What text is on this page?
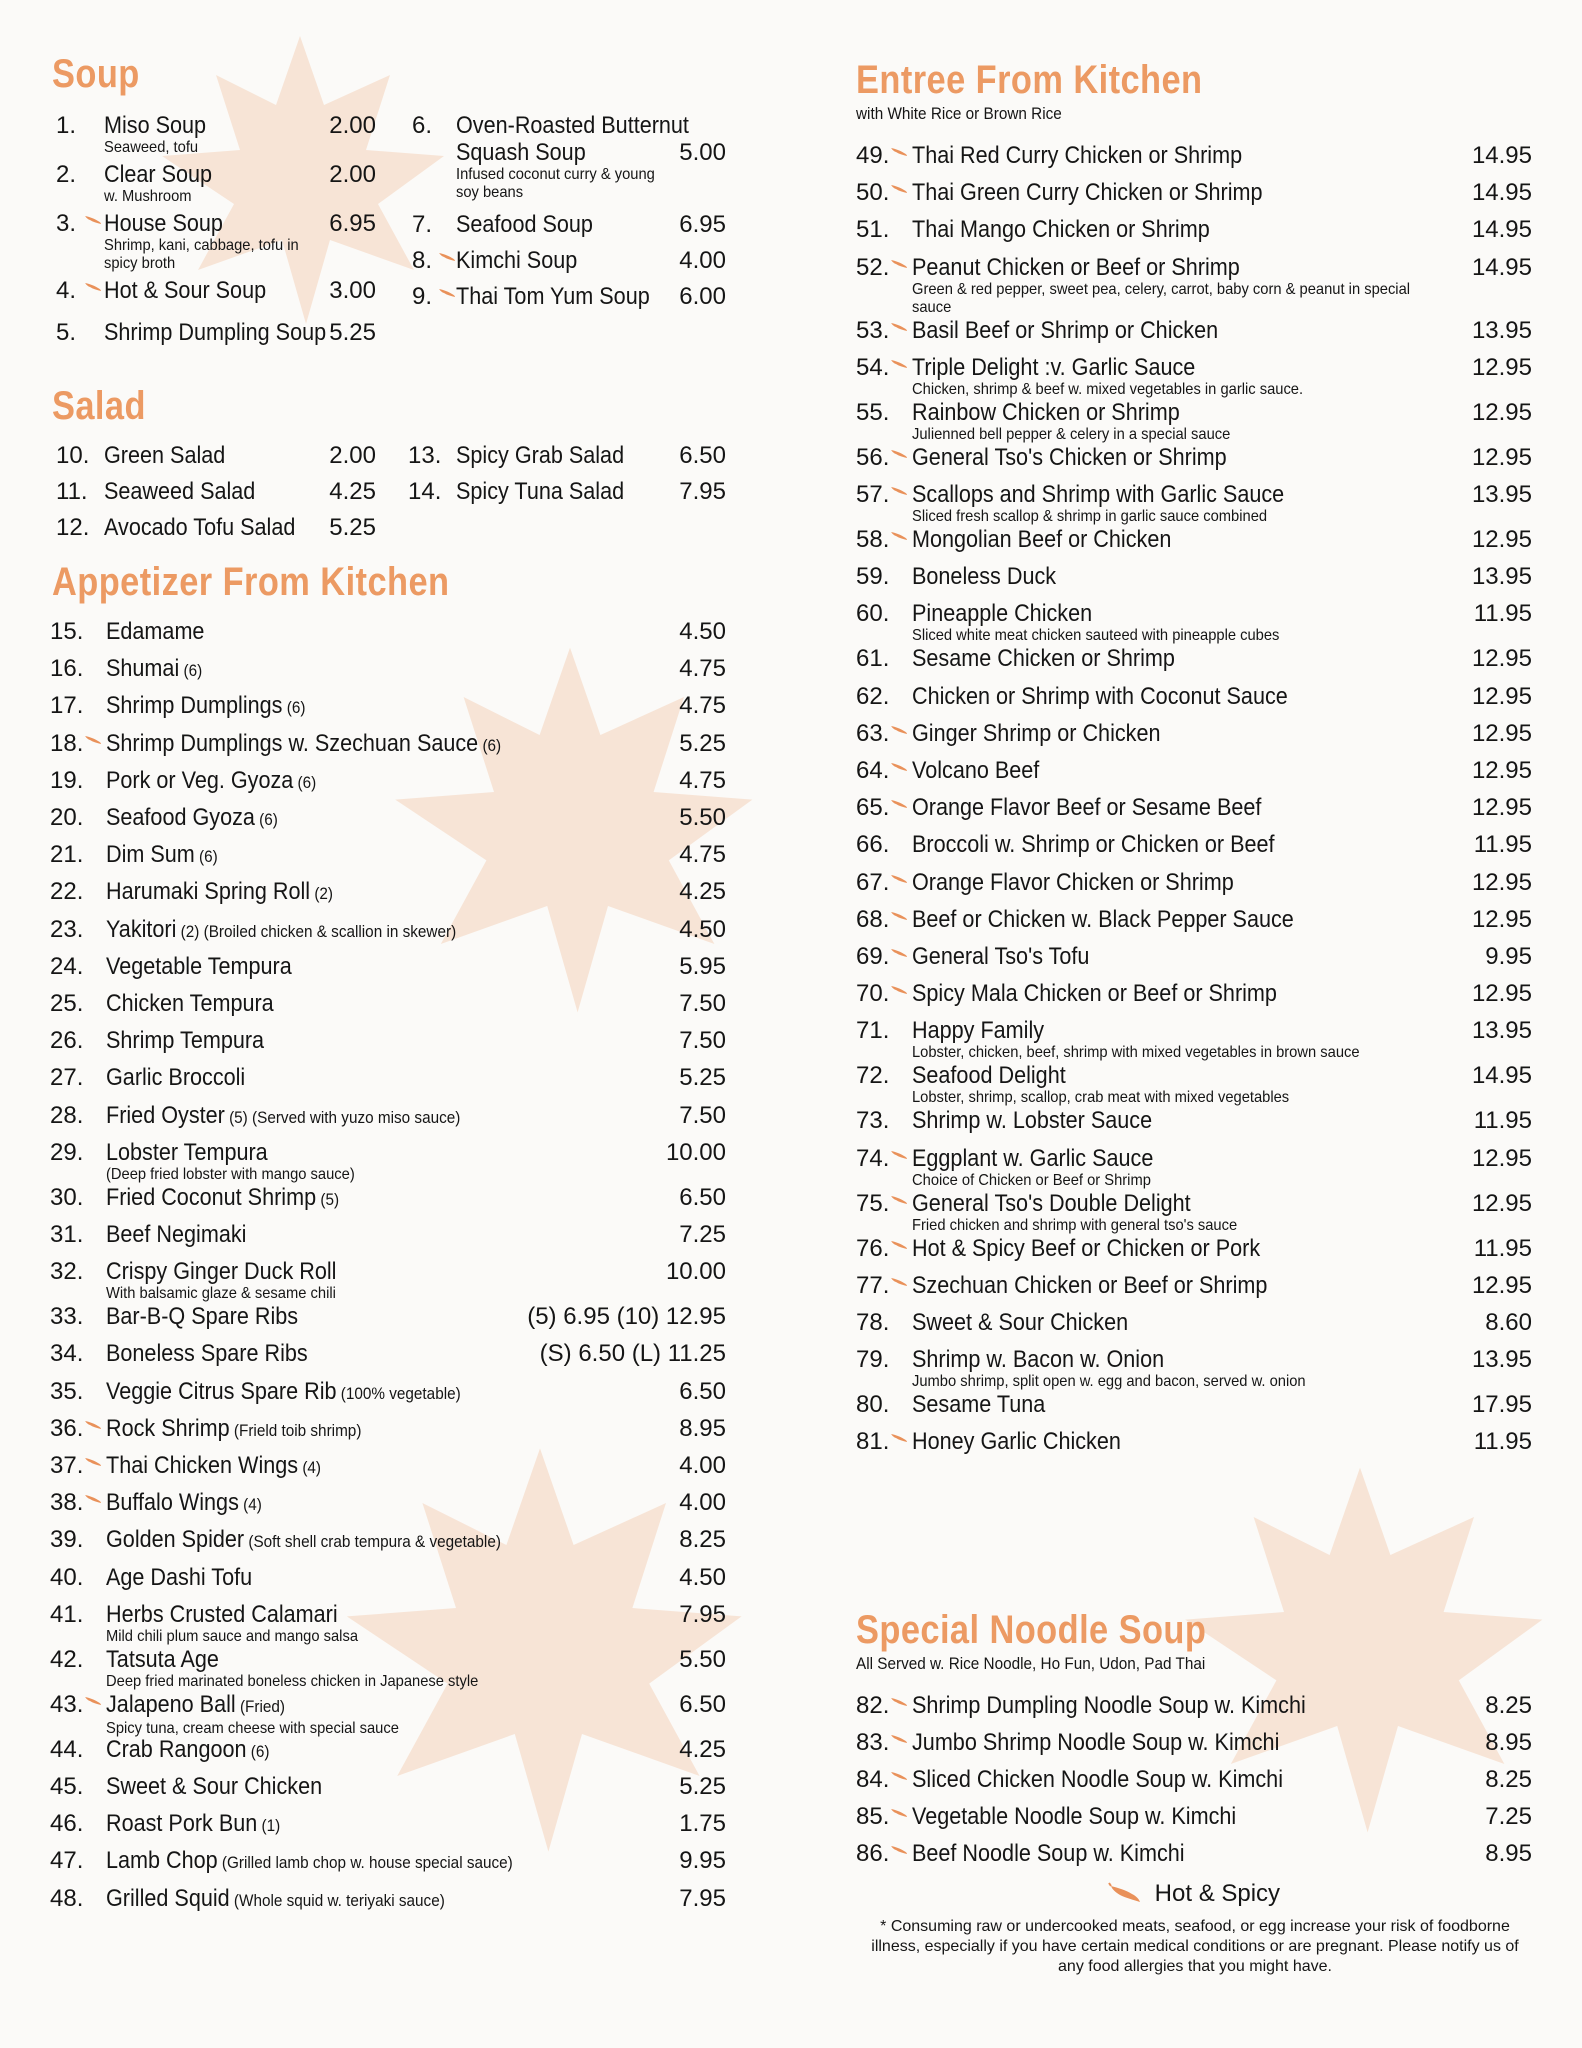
Soup
1. Miso Soup
Seaweed, tofu
2.00
2. Clear Soup
w. Mushroom
2.00
3. House Soup
Shrimp, kani, cabbage, tofu in spicy broth
6.95
4. Hot & Sour Soup	3.00
5. Shrimp Dumpling Soup 5.25
6. Oven-Roasted Butternut
Squash Soup
Infused coconut curry & young soy beans
5.00
7. Seafood Soup	6.95
8. Kimchi Soup	4.00
9. Thai Tom Yum Soup	6.00
Salad
10. Green Salad	2.00
11. Seaweed Salad	4.25
12. Avocado Tofu Salad	5.25
13. Spicy Grab Salad	6.50
14. Spicy Tuna Salad	7.95
Appetizer From Kitchen
15. Edamame	4.50
16. Shumai (6)	4.75
17. Shrimp Dumplings (6)	4.75
18. Shrimp Dumplings w. Szechuan Sauce (6)	5.25
19. Pork or Veg. Gyoza (6)	4.75
20. Seafood Gyoza (6)	5.50
21. Dim Sum (6)	4.75
22. Harumaki Spring Roll (2)	4.25
23. Yakitori (2) (Broiled chicken & scallion in skewer)	4.50
24. Vegetable Tempura	5.95
25. Chicken Tempura	7.50
26. Shrimp Tempura	7.50
27. Garlic Broccoli	5.25
28. Fried Oyster (5) (Served with yuzo miso sauce)	7.50
29. Lobster Tempura
(Deep fried lobster with mango sauce)
10.00
30. Fried Coconut Shrimp (5)	6.50
31. Beef Negimaki	7.25
32. Crispy Ginger Duck Roll
With balsamic glaze & sesame chili
10.00
33. Bar-B-Q Spare Ribs	(5) 6.95 (10) 12.95
34. Boneless Spare Ribs	(S) 6.50 (L) 11.25
35. Veggie Citrus Spare Rib (100% vegetable)	6.50
36. Rock Shrimp (Frield toib shrimp)	8.95
37. Thai Chicken Wings (4)	4.00
38. Buffalo Wings (4)	4.00
39. Golden Spider (Soft shell crab tempura & vegetable)	8.25
40. Age Dashi Tofu	4.50
41. Herbs Crusted Calamari
Mild chili plum sauce and mango salsa
7.95
42. Tatsuta Age
Deep fried marinated boneless chicken in Japanese style
5.50
43. Jalapeno Ball (Fried)
Spicy tuna, cream cheese with special sauce
6.50
44. Crab Rangoon (6)	4.25
45. Sweet & Sour Chicken	5.25
46. Roast Pork Bun (1)	1.75
47. Lamb Chop (Grilled lamb chop w. house special sauce)	9.95
48. Grilled Squid (Whole squid w. teriyaki sauce)	7.95
Entree From Kitchen
with White Rice or Brown Rice
49. Thai Red Curry Chicken or Shrimp	14.95
50. Thai Green Curry Chicken or Shrimp	14.95
51. Thai Mango Chicken or Shrimp	14.95
52. Peanut Chicken or Beef or Shrimp
Green & red pepper, sweet pea, celery, carrot, baby corn & peanut in special sauce
14.95
53. Basil Beef or Shrimp or Chicken	13.95
54. Triple Delight :v. Garlic Sauce
Chicken, shrimp & beef w. mixed vegetables in garlic sauce.
12.95
55. Rainbow Chicken or Shrimp
Julienned bell pepper & celery in a special sauce
12.95
56. General Tso's Chicken or Shrimp	12.95
57. Scallops and Shrimp with Garlic Sauce
Sliced fresh scallop & shrimp in garlic sauce combined
13.95
58. Mongolian Beef or Chicken	12.95
59. Boneless Duck	13.95
60. Pineapple Chicken
Sliced white meat chicken sauteed with pineapple cubes
11.95
61. Sesame Chicken or Shrimp	12.95
62. Chicken or Shrimp with Coconut Sauce	12.95
63. Ginger Shrimp or Chicken	12.95
64. Volcano Beef	12.95
65. Orange Flavor Beef or Sesame Beef	12.95
66. Broccoli w. Shrimp or Chicken or Beef	11.95
67. Orange Flavor Chicken or Shrimp	12.95
68. Beef or Chicken w. Black Pepper Sauce	12.95
69. General Tso's Tofu	9.95
70. Spicy Mala Chicken or Beef or Shrimp	12.95
71. Happy Family
Lobster, chicken, beef, shrimp with mixed vegetables in brown sauce
13.95
72. Seafood Delight
Lobster, shrimp, scallop, crab meat with mixed vegetables
14.95
73. Shrimp w. Lobster Sauce	11.95
74. Eggplant w. Garlic Sauce
Choice of Chicken or Beef or Shrimp
12.95
75. General Tso's Double Delight
Fried chicken and shrimp with general tso's sauce
12.95
76. Hot & Spicy Beef or Chicken or Pork	11.95
77. Szechuan Chicken or Beef or Shrimp	12.95
78. Sweet & Sour Chicken	8.60
79. Shrimp w. Bacon w. Onion
Jumbo shrimp, split open w. egg and bacon, served w. onion
13.95
80. Sesame Tuna	17.95
81. Honey Garlic Chicken	11.95
Special Noodle Soup
All Served w. Rice Noodle, Ho Fun, Udon, Pad Thai
82. Shrimp Dumpling Noodle Soup w. Kimchi	8.25
83. Jumbo Shrimp Noodle Soup w. Kimchi	8.95
84. Sliced Chicken Noodle Soup w. Kimchi	8.25
85. Vegetable Noodle Soup w. Kimchi	7.25
86. Beef Noodle Soup w. Kimchi	8.95
Hot & Spicy
* Consuming raw or undercooked meats, seafood, or egg increase your risk of foodborne illness, especially if you have certain medical conditions or are pregnant. Please notify us of any food allergies that you might have.
